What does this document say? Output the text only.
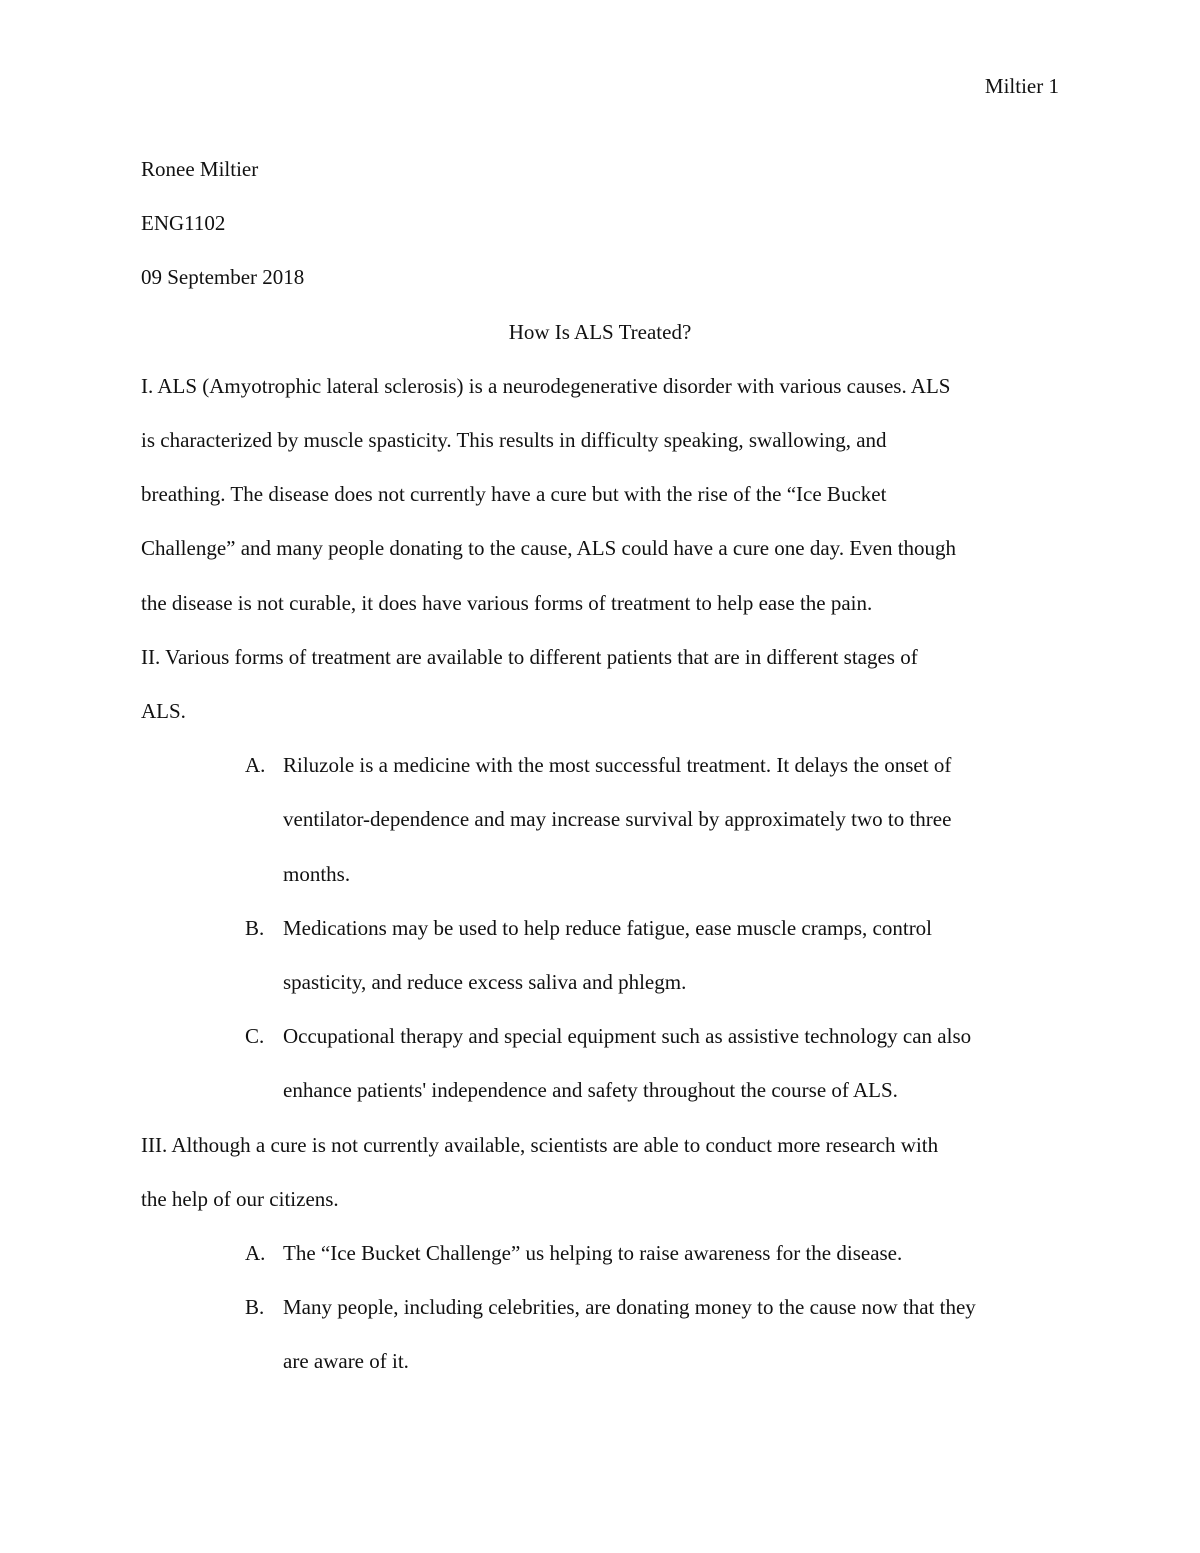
Miltier 1

Ronee Miltier

ENG1102

09 September 2018

How Is ALS Treated?

I. ALS (Amyotrophic lateral sclerosis) is a neurodegenerative disorder with various causes. ALS

is characterized by muscle spasticity. This results in difficulty speaking, swallowing, and

breathing. The disease does not currently have a cure but with the rise of the “Ice Bucket

Challenge” and many people donating to the cause, ALS could have a cure one day. Even though

the disease is not curable, it does have various forms of treatment to help ease the pain.

II. Various forms of treatment are available to different patients that are in different stages of

ALS.

A. Riluzole is a medicine with the most successful treatment. It delays the onset of

ventilator-dependence and may increase survival by approximately two to three

months.

B. Medications may be used to help reduce fatigue, ease muscle cramps, control

spasticity, and reduce excess saliva and phlegm.

C. Occupational therapy and special equipment such as assistive technology can also

enhance patients' independence and safety throughout the course of ALS.

III. Although a cure is not currently available, scientists are able to conduct more research with

the help of our citizens.

A. The “Ice Bucket Challenge” us helping to raise awareness for the disease.

B. Many people, including celebrities, are donating money to the cause now that they

are aware of it.
